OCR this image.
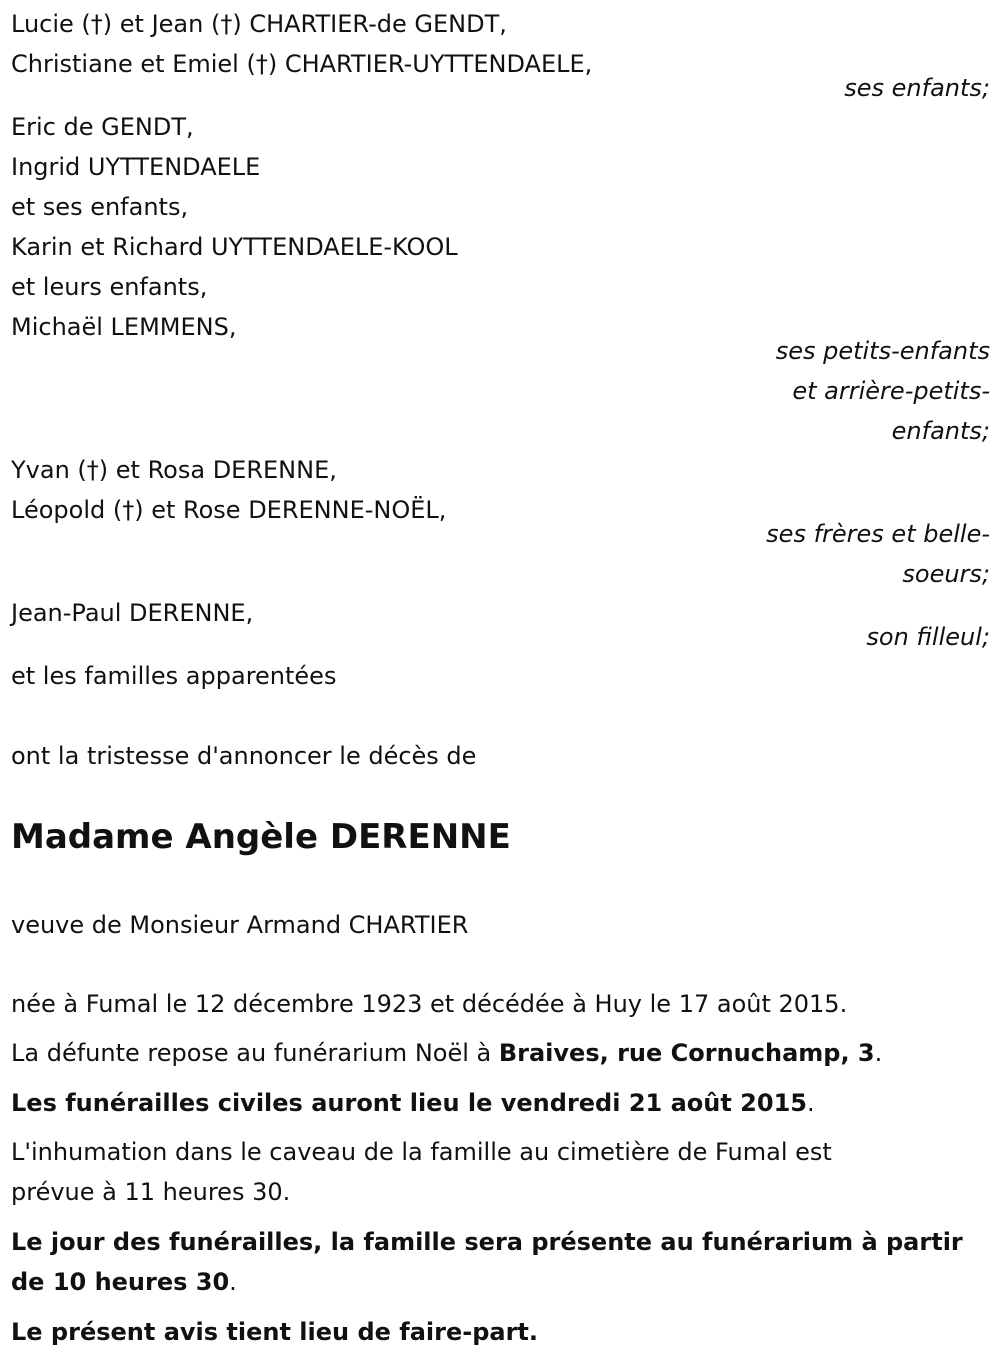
Lucie (†) et Jean (†) CHARTIER-de GENDT,
Christiane et Emiel (†) CHARTIER-UYTTENDAELE,
ses enfants;
Eric de GENDT,
Ingrid UYTTENDAELE
et ses enfants,
Karin et Richard UYTTENDAELE-KOOL
et leurs enfants,
Michaël LEMMENS,
ses petits-enfants
et arrière-petits-
enfants;
Yvan (†) et Rosa DERENNE,
Léopold (†) et Rose DERENNE-NOËL,
ses frères et belle-
soeurs;
Jean-Paul DERENNE,
son filleul;
et les familles apparentées
ont la tristesse d'annoncer le décès de
Madame Angèle DERENNE
veuve de Monsieur Armand CHARTIER
née à Fumal le 12 décembre 1923 et décédée à Huy le 17 août 2015.
La défunte repose au funérarium Noël à Braives, rue Cornuchamp, 3.
Les funérailles civiles auront lieu le vendredi 21 août 2015.
L'inhumation dans le caveau de la famille au cimetière de Fumal est
prévue à 11 heures 30.
Le jour des funérailles, la famille sera présente au funérarium à partir
de 10 heures 30.
Le présent avis tient lieu de faire-part.
